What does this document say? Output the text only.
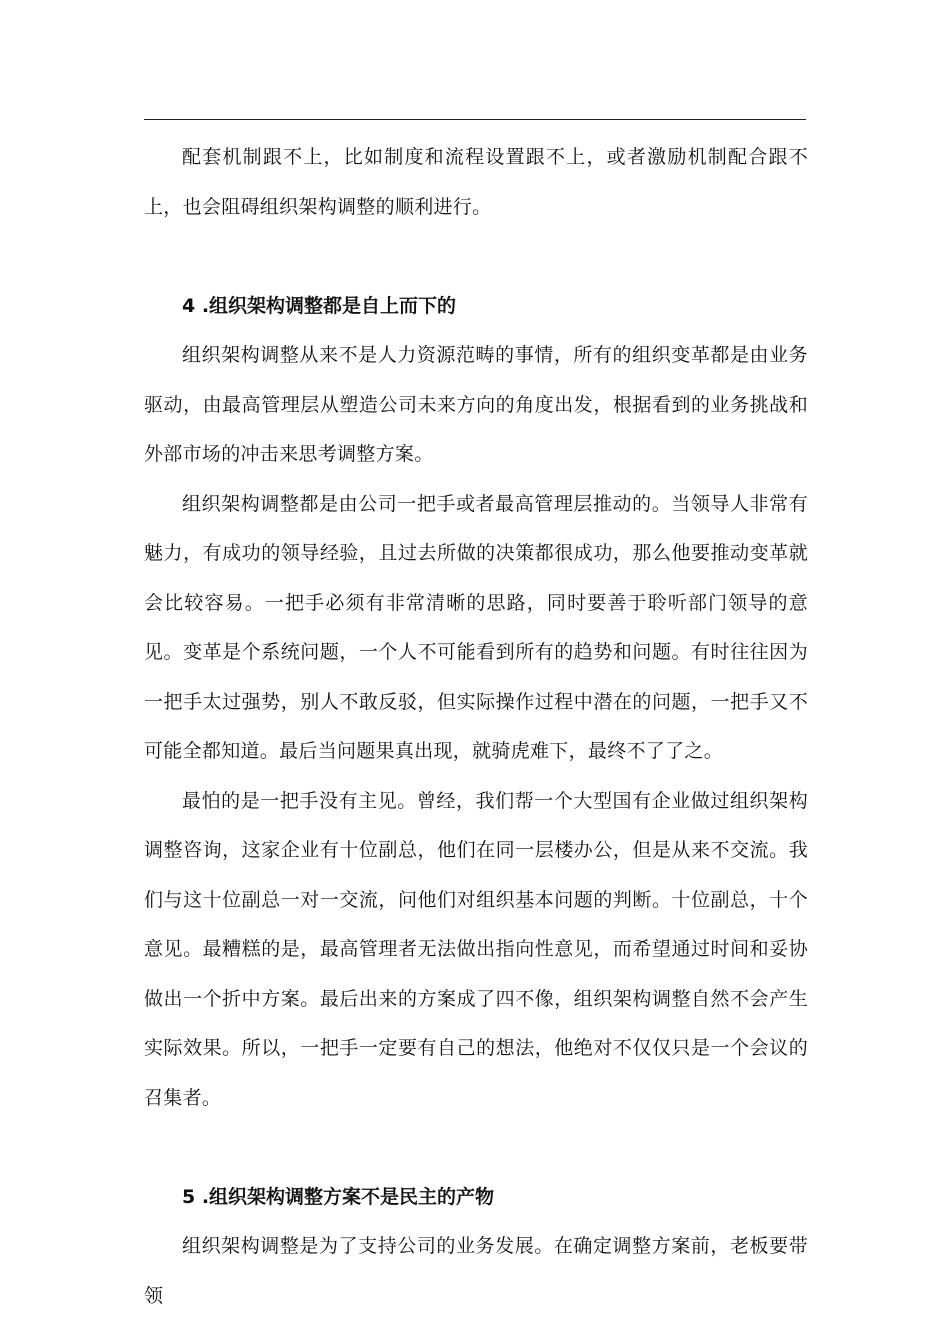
配套机制跟不上，比如制度和流程设置跟不上，或者激励机制配合跟不上，也会阻碍组织架构调整的顺利进行。

4 .组织架构调整都是自上而下的

组织架构调整从来不是人力资源范畴的事情，所有的组织变革都是由业务驱动，由最高管理层从塑造公司未来方向的角度出发，根据看到的业务挑战和外部市场的冲击来思考调整方案。

组织架构调整都是由公司一把手或者最高管理层推动的。当领导人非常有魅力，有成功的领导经验，且过去所做的决策都很成功，那么他要推动变革就会比较容易。一把手必须有非常清晰的思路，同时要善于聆听部门领导的意见。变革是个系统问题，一个人不可能看到所有的趋势和问题。有时往往因为一把手太过强势，别人不敢反驳，但实际操作过程中潜在的问题，一把手又不可能全都知道。最后当问题果真出现，就骑虎难下，最终不了了之。

最怕的是一把手没有主见。曾经，我们帮一个大型国有企业做过组织架构调整咨询，这家企业有十位副总，他们在同一层楼办公，但是从来不交流。我们与这十位副总一对一交流，问他们对组织基本问题的判断。十位副总，十个意见。最糟糕的是，最高管理者无法做出指向性意见，而希望通过时间和妥协做出一个折中方案。最后出来的方案成了四不像，组织架构调整自然不会产生实际效果。所以，一把手一定要有自己的想法，他绝对不仅仅只是一个会议的召集者。

5 .组织架构调整方案不是民主的产物

组织架构调整是为了支持公司的业务发展。在确定调整方案前，老板要带领
